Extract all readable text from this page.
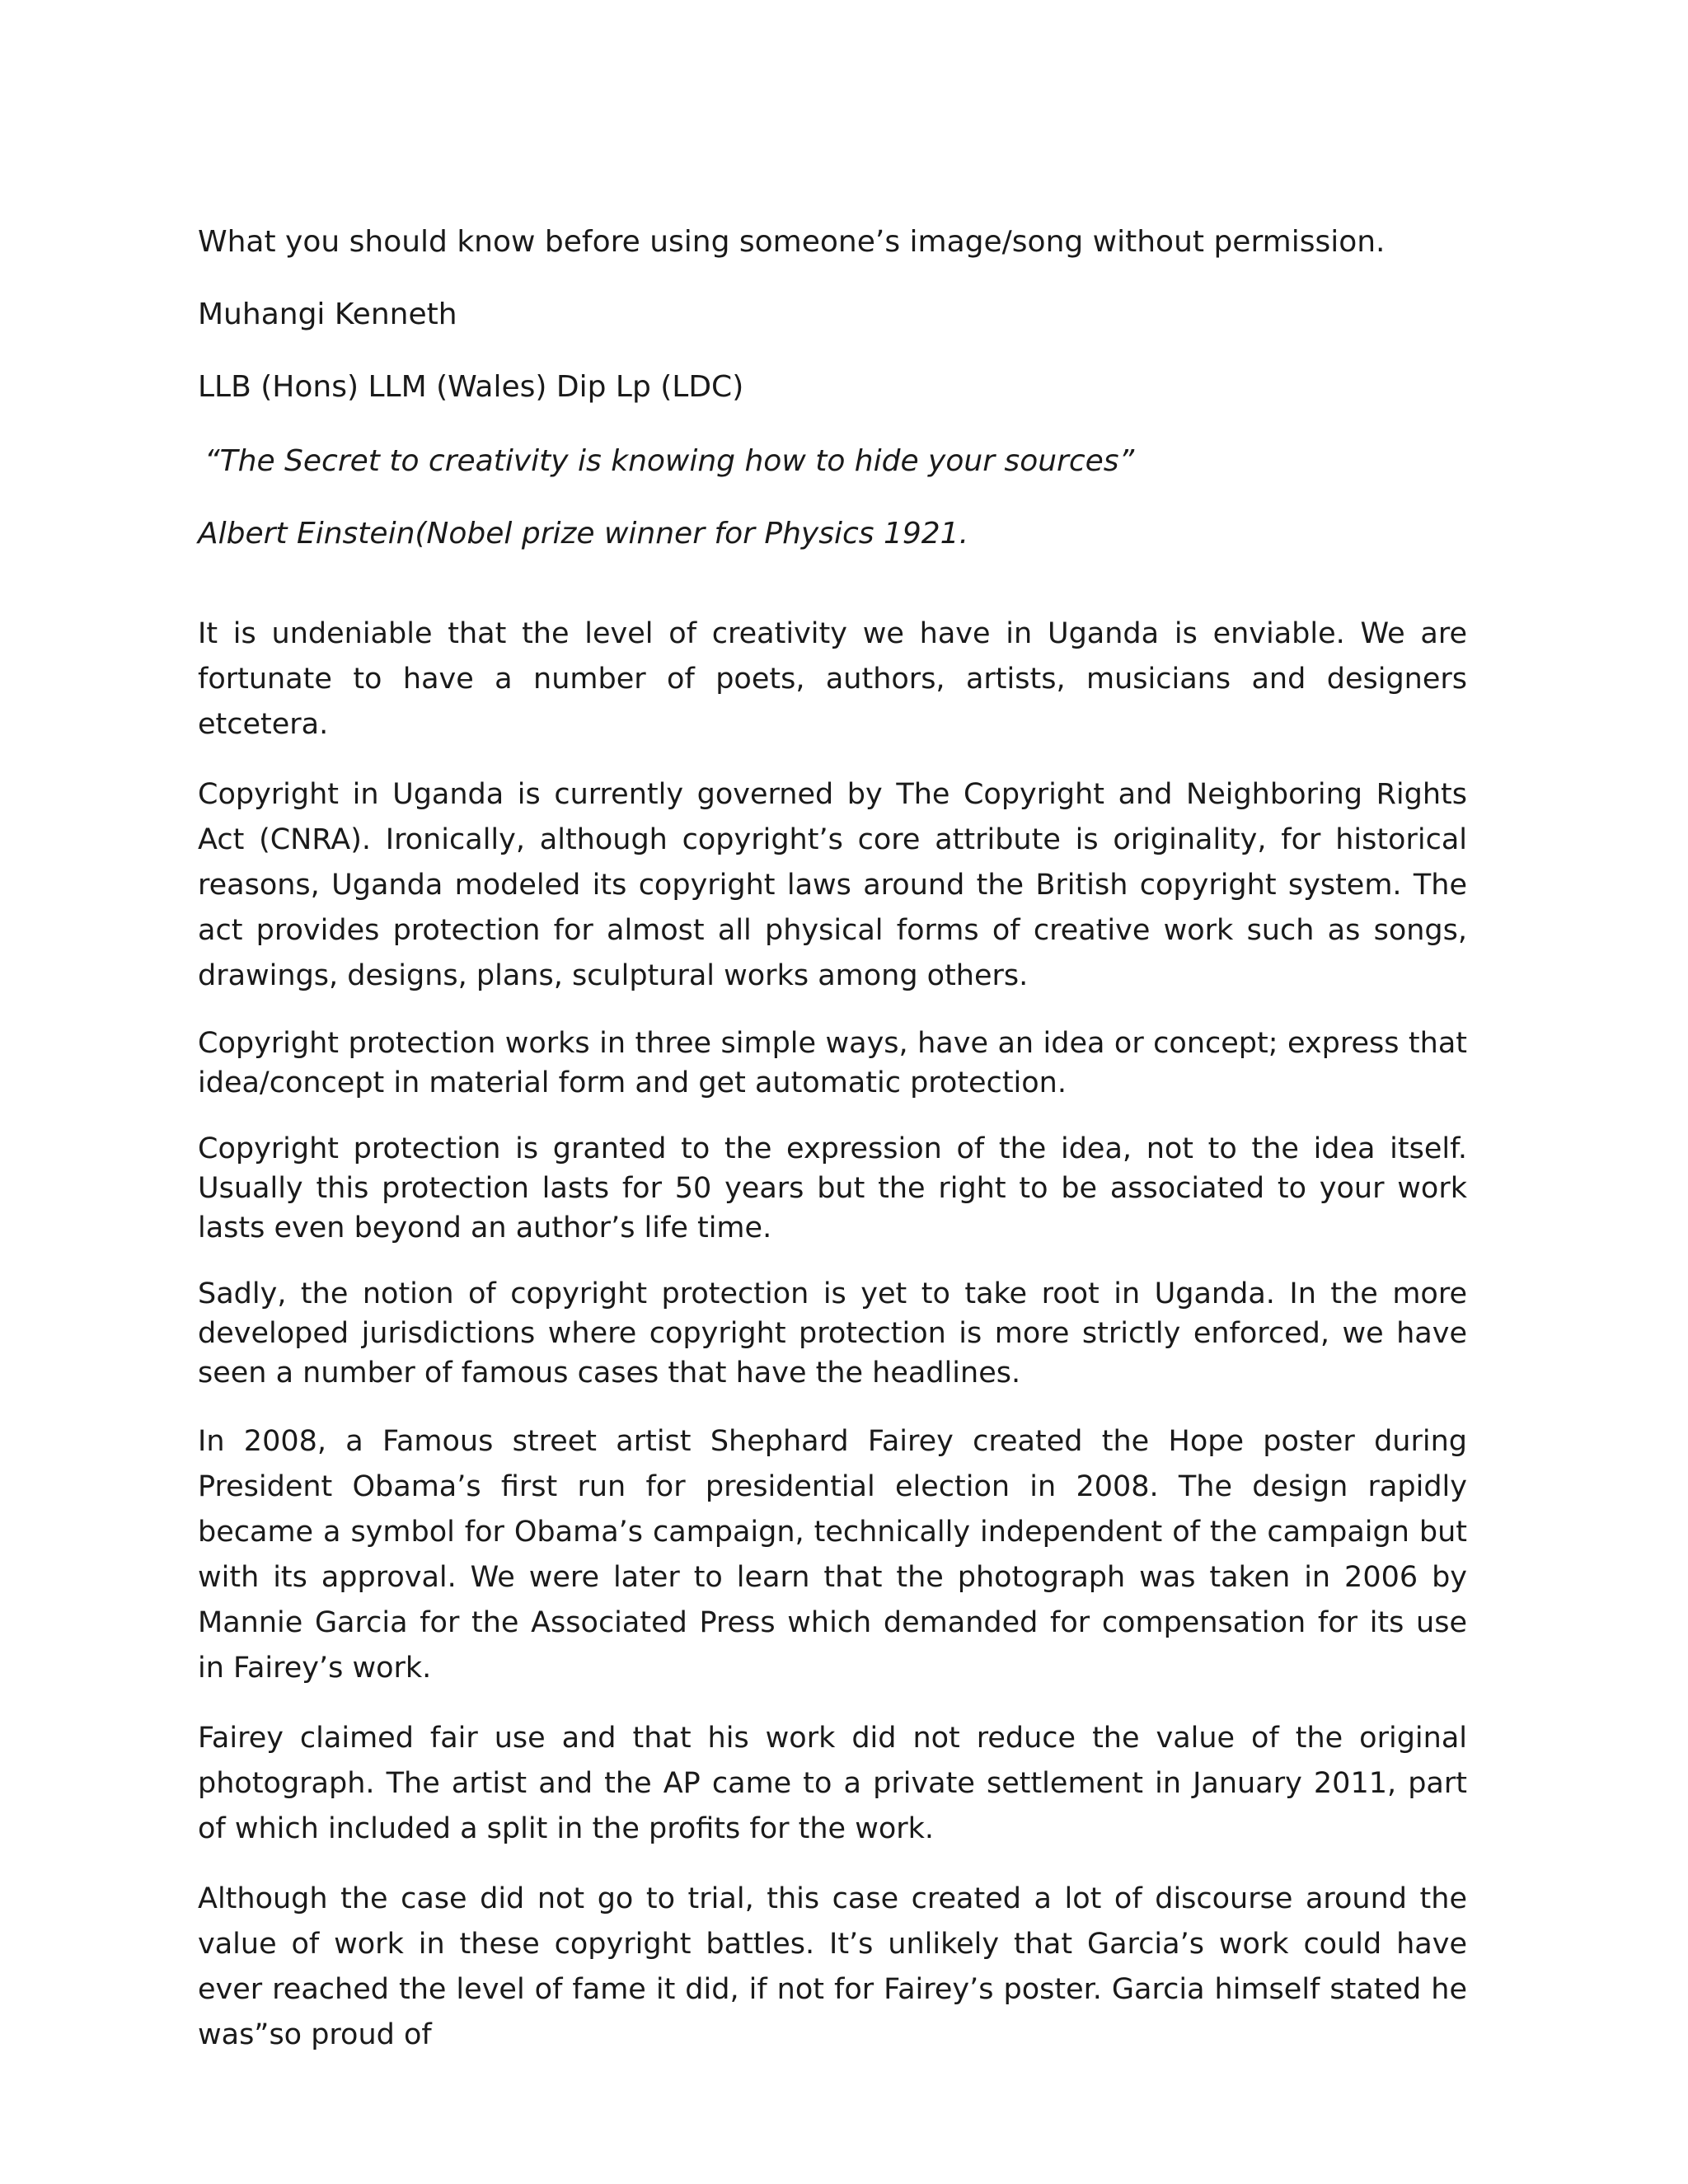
What you should know before using someone’s image/song without permission.

Muhangi Kenneth

LLB (Hons) LLM (Wales) Dip Lp (LDC)

“The Secret to creativity is knowing how to hide your sources”

Albert Einstein(Nobel prize winner for Physics 1921.

It is undeniable that the level of creativity we have in Uganda is enviable. We are fortunate to have a number of poets, authors, artists, musicians and designers etcetera.

Copyright in Uganda is currently governed by The Copyright and Neighboring Rights Act (CNRA). Ironically, although copyright’s core attribute is originality, for historical reasons, Uganda modeled its copyright laws around the British copyright system. The act provides protection for almost all physical forms of creative work such as songs, drawings, designs, plans, sculptural works among others.

Copyright protection works in three simple ways, have an idea or concept; express that idea/concept in material form and get automatic protection.

Copyright protection is granted to the expression of the idea, not to the idea itself. Usually this protection lasts for 50 years but the right to be associated to your work lasts even beyond an author’s life time.

Sadly, the notion of copyright protection is yet to take root in Uganda. In the more developed jurisdictions where copyright protection is more strictly enforced, we have seen a number of famous cases that have the headlines.

In 2008, a Famous street artist Shephard Fairey created the Hope poster during President Obama’s first run for presidential election in 2008. The design rapidly became a symbol for Obama’s campaign, technically independent of the campaign but with its approval. We were later to learn that the photograph was taken in 2006 by Mannie Garcia for the Associated Press which demanded for compensation for its use in Fairey’s work.

Fairey claimed fair use and that his work did not reduce the value of the original photograph. The artist and the AP came to a private settlement in January 2011, part of which included a split in the profits for the work.

Although the case did not go to trial, this case created a lot of discourse around the value of work in these copyright battles. It’s unlikely that Garcia’s work could have ever reached the level of fame it did, if not for Fairey’s poster. Garcia himself stated he was”so proud of
